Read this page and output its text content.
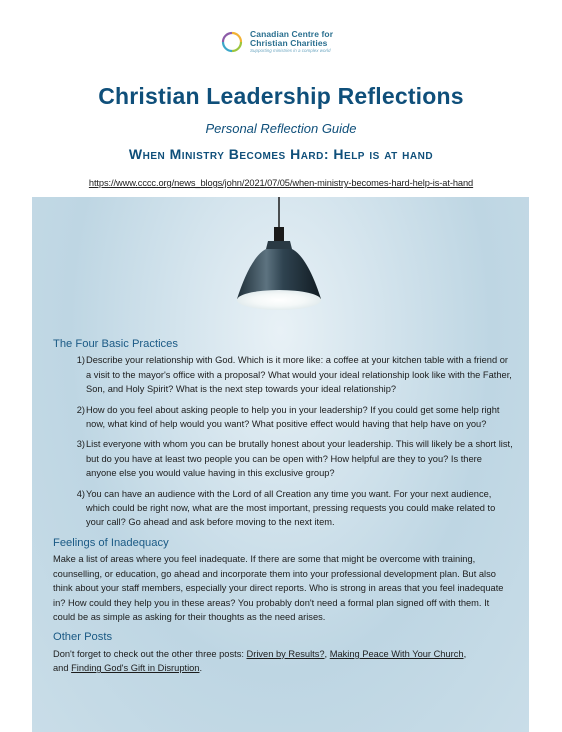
Canadian Centre for
Christian Charities
Supporting ministries in a complex world
Christian Leadership Reflections
Personal Reflection Guide
When Ministry Becomes Hard: Help is at hand
https://www.cccc.org/news_blogs/john/2021/07/05/when-ministry-becomes-hard-help-is-at-hand
The Four Basic Practices
1) Describe your relationship with God. Which is it more like: a coffee at your kitchen table with a friend or a visit to the mayor's office with a proposal? What would your ideal relationship look like with the Father, Son, and Holy Spirit? What is the next step towards your ideal relationship?
2) How do you feel about asking people to help you in your leadership? If you could get some help right now, what kind of help would you want? What positive effect would having that help have on you?
3) List everyone with whom you can be brutally honest about your leadership. This will likely be a short list, but do you have at least two people you can be open with? How helpful are they to you? Is there anyone else you would value having in this exclusive group?
4) You can have an audience with the Lord of all Creation any time you want. For your next audience, which could be right now, what are the most important, pressing requests you could make related to your call? Go ahead and ask before moving to the next item.
Feelings of Inadequacy

Make a list of areas where you feel inadequate. If there are some that might be overcome with training, counselling, or education, go ahead and incorporate them into your professional development plan. But also think about your staff members, especially your direct reports. Who is strong in areas that you feel inadequate in? How could they help you in these areas? You probably don't need a formal plan signed off with them. It could be as simple as asking for their thoughts as the need arises.

Other Posts

Don't forget to check out the other three posts: Driven by Results?, Making Peace With Your Church,
and Finding God's Gift in Disruption.
